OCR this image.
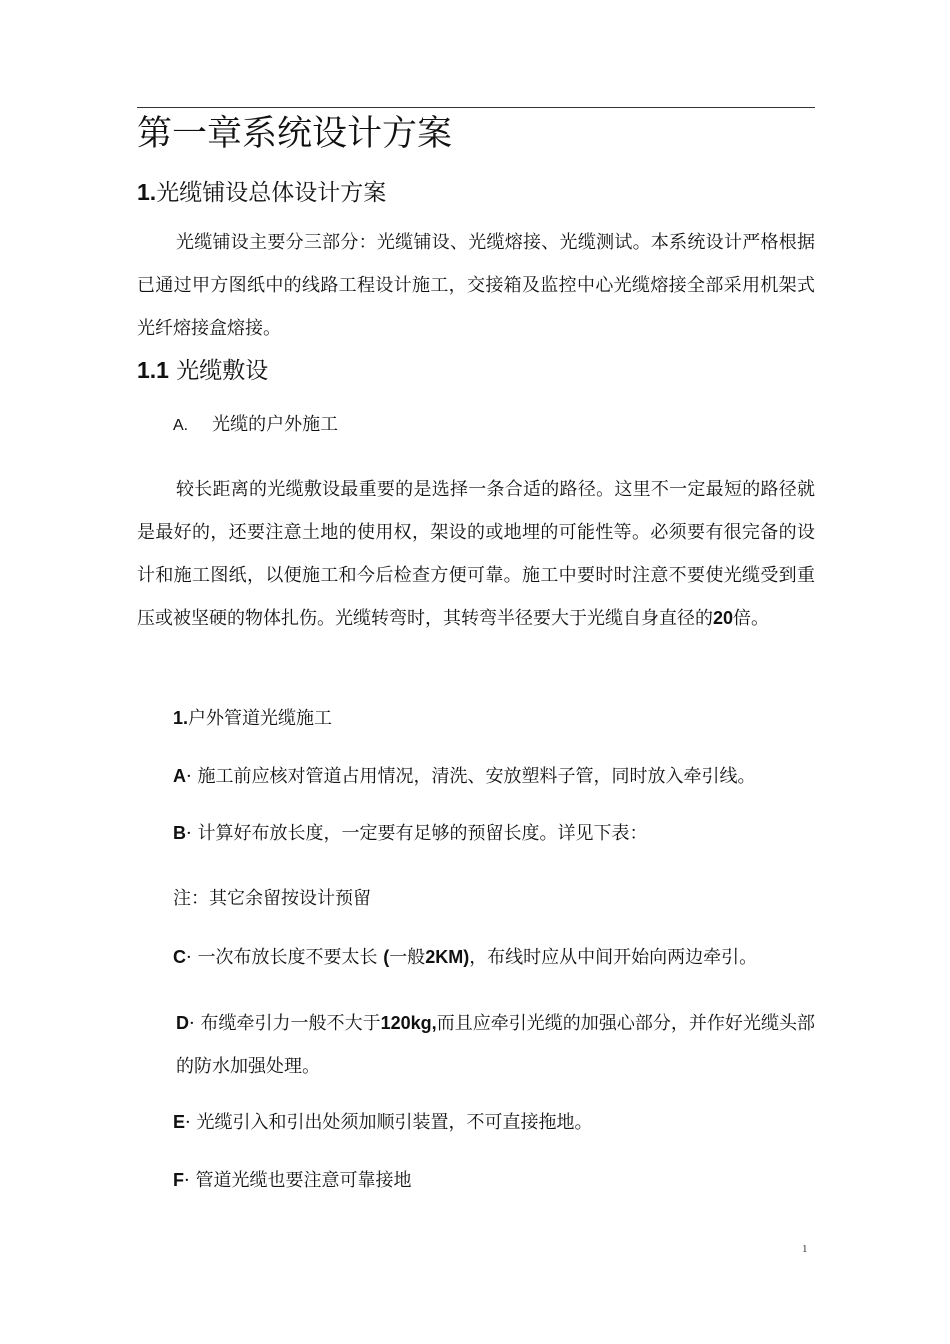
第一章系统设计方案
1.光缆铺设总体设计方案
光缆铺设主要分三部分：光缆铺设、光缆熔接、光缆测试。本系统设计严格根据已通过甲方图纸中的线路工程设计施工，交接箱及监控中心光缆熔接全部采用机架式光纤熔接盒熔接。
1.1 光缆敷设
A. 光缆的户外施工
较长距离的光缆敷设最重要的是选择一条合适的路径。这里不一定最短的路径就是最好的，还要注意土地的使用权，架设的或地埋的可能性等。必须要有很完备的设计和施工图纸，以便施工和今后检查方便可靠。施工中要时时注意不要使光缆受到重压或被坚硬的物体扎伤。光缆转弯时，其转弯半径要大于光缆自身直径的20倍。
1.户外管道光缆施工
A· 施工前应核对管道占用情况，清洗、安放塑料子管，同时放入牵引线。
B· 计算好布放长度，一定要有足够的预留长度。详见下表：
注：其它余留按设计预留
C· 一次布放长度不要太长 (一般2KM)，布线时应从中间开始向两边牵引。
D· 布缆牵引力一般不大于120kg,而且应牵引光缆的加强心部分，并作好光缆头部的防水加强处理。
E· 光缆引入和引出处须加顺引装置，不可直接拖地。
F· 管道光缆也要注意可靠接地
1
